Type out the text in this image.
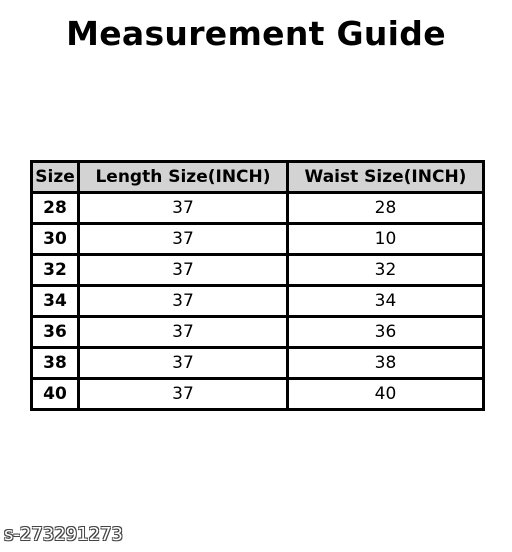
Measurement Guide
Size	Length Size(INCH)	Waist Size(INCH)
28	37	28
30	37	10
32	37	32
34	37	34
36	37	36
38	37	38
40	37	40
s-273291273
